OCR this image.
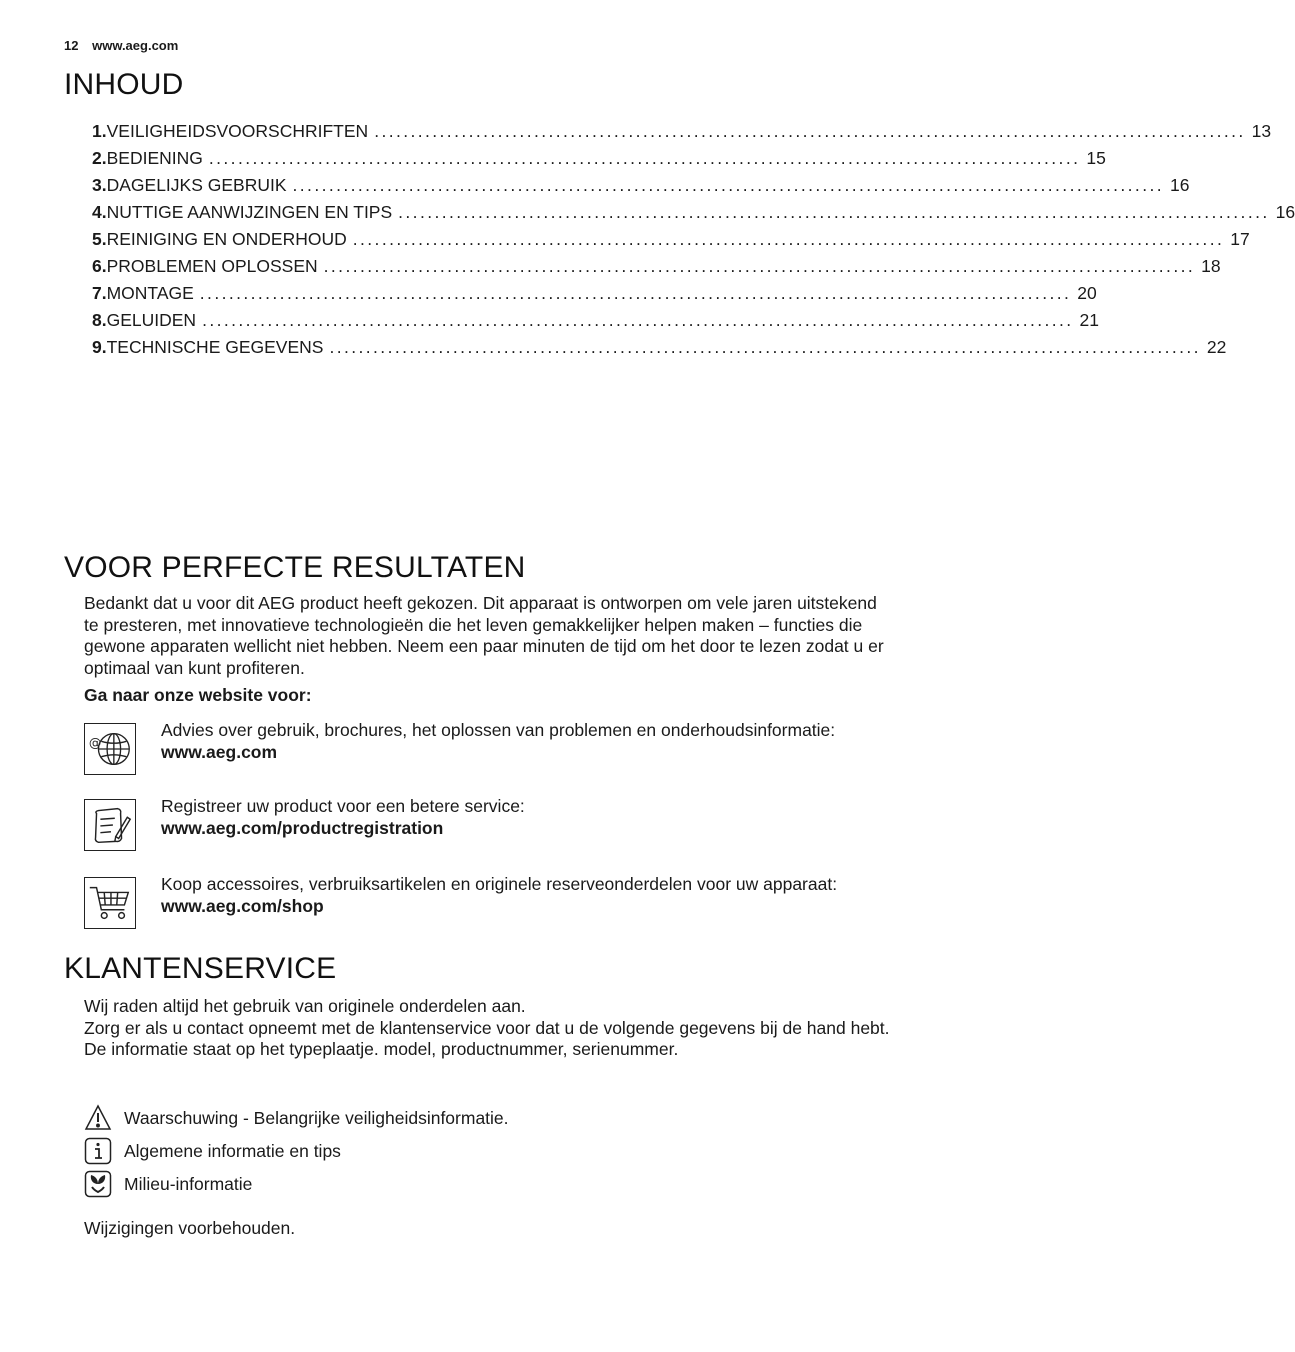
12 www.aeg.com
INHOUD
1. VEILIGHEIDSVOORSCHRIFTEN ........................................................................................................................ 13
2. BEDIENING ........................................................................................................................ 15
3. DAGELIJKS GEBRUIK ........................................................................................................................ 16
4. NUTTIGE AANWIJZINGEN EN TIPS ........................................................................................................................ 16
5. REINIGING EN ONDERHOUD ........................................................................................................................ 17
6. PROBLEMEN OPLOSSEN ........................................................................................................................ 18
7. MONTAGE ........................................................................................................................ 20
8. GELUIDEN ........................................................................................................................ 21
9. TECHNISCHE GEGEVENS ........................................................................................................................ 22
VOOR PERFECTE RESULTATEN

Bedankt dat u voor dit AEG product heeft gekozen. Dit apparaat is ontworpen om vele jaren uitstekend te presteren, met innovatieve technologieën die het leven gemakkelijker helpen maken – functies die gewone apparaten wellicht niet hebben. Neem een paar minuten de tijd om het door te lezen zodat u er optimaal van kunt profiteren.

Ga naar onze website voor:

@
Advies over gebruik, brochures, het oplossen van problemen en onderhoudsinformatie:
www.aeg.com
Registreer uw product voor een betere service:
www.aeg.com/productregistration
Koop accessoires, verbruiksartikelen en originele reserveonderdelen voor uw apparaat:
www.aeg.com/shop
KLANTENSERVICE
Wij raden altijd het gebruik van originele onderdelen aan.
Zorg er als u contact opneemt met de klantenservice voor dat u de volgende gegevens bij de hand hebt.
De informatie staat op het typeplaatje. model, productnummer, serienummer.
Waarschuwing - Belangrijke veiligheidsinformatie.
Algemene informatie en tips
Milieu-informatie

Wijzigingen voorbehouden.
